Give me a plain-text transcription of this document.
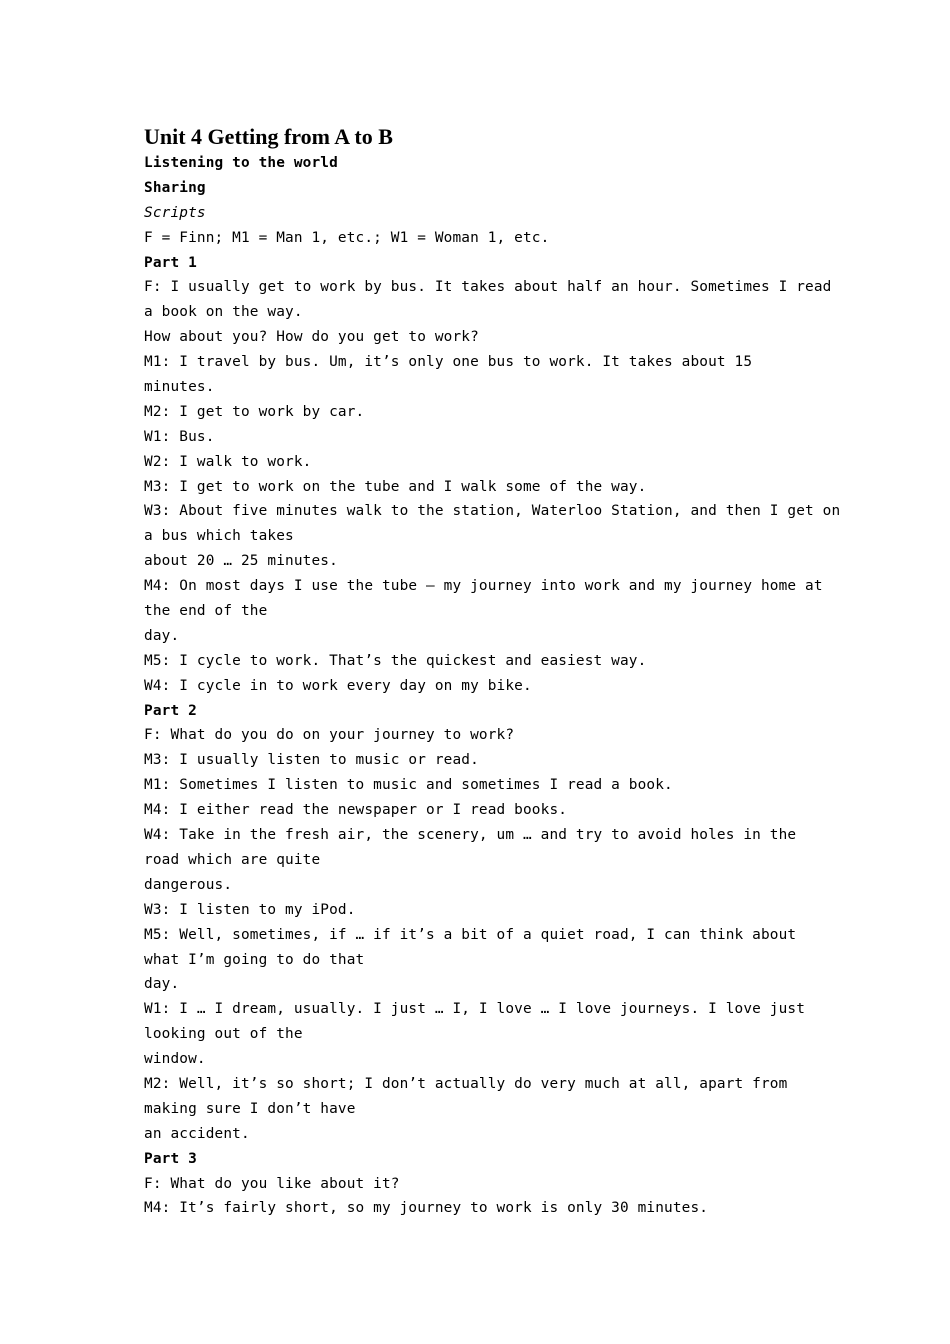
Unit 4 Getting from A to B
Listening to the world
Sharing
Scripts
F = Finn; M1 = Man 1, etc.; W1 = Woman 1, etc.
Part 1
F: I usually get to work by bus. It takes about half an hour. Sometimes I read
a book on the way.
How about you? How do you get to work?
M1: I travel by bus. Um, it’s only one bus to work. It takes about 15
minutes.
M2: I get to work by car.
W1: Bus.
W2: I walk to work.
M3: I get to work on the tube and I walk some of the way.
W3: About five minutes walk to the station, Waterloo Station, and then I get on
a bus which takes
about 20 … 25 minutes.
M4: On most days I use the tube – my journey into work and my journey home at
the end of the
day.
M5: I cycle to work. That’s the quickest and easiest way.
W4: I cycle in to work every day on my bike.
Part 2
F: What do you do on your journey to work?
M3: I usually listen to music or read.
M1: Sometimes I listen to music and sometimes I read a book.
M4: I either read the newspaper or I read books.
W4: Take in the fresh air, the scenery, um … and try to avoid holes in the
road which are quite
dangerous.
W3: I listen to my iPod.
M5: Well, sometimes, if … if it’s a bit of a quiet road, I can think about
what I’m going to do that
day.
W1: I … I dream, usually. I just … I, I love … I love journeys. I love just
looking out of the
window.
M2: Well, it’s so short; I don’t actually do very much at all, apart from
making sure I don’t have
an accident.
Part 3
F: What do you like about it?
M4: It’s fairly short, so my journey to work is only 30 minutes.
